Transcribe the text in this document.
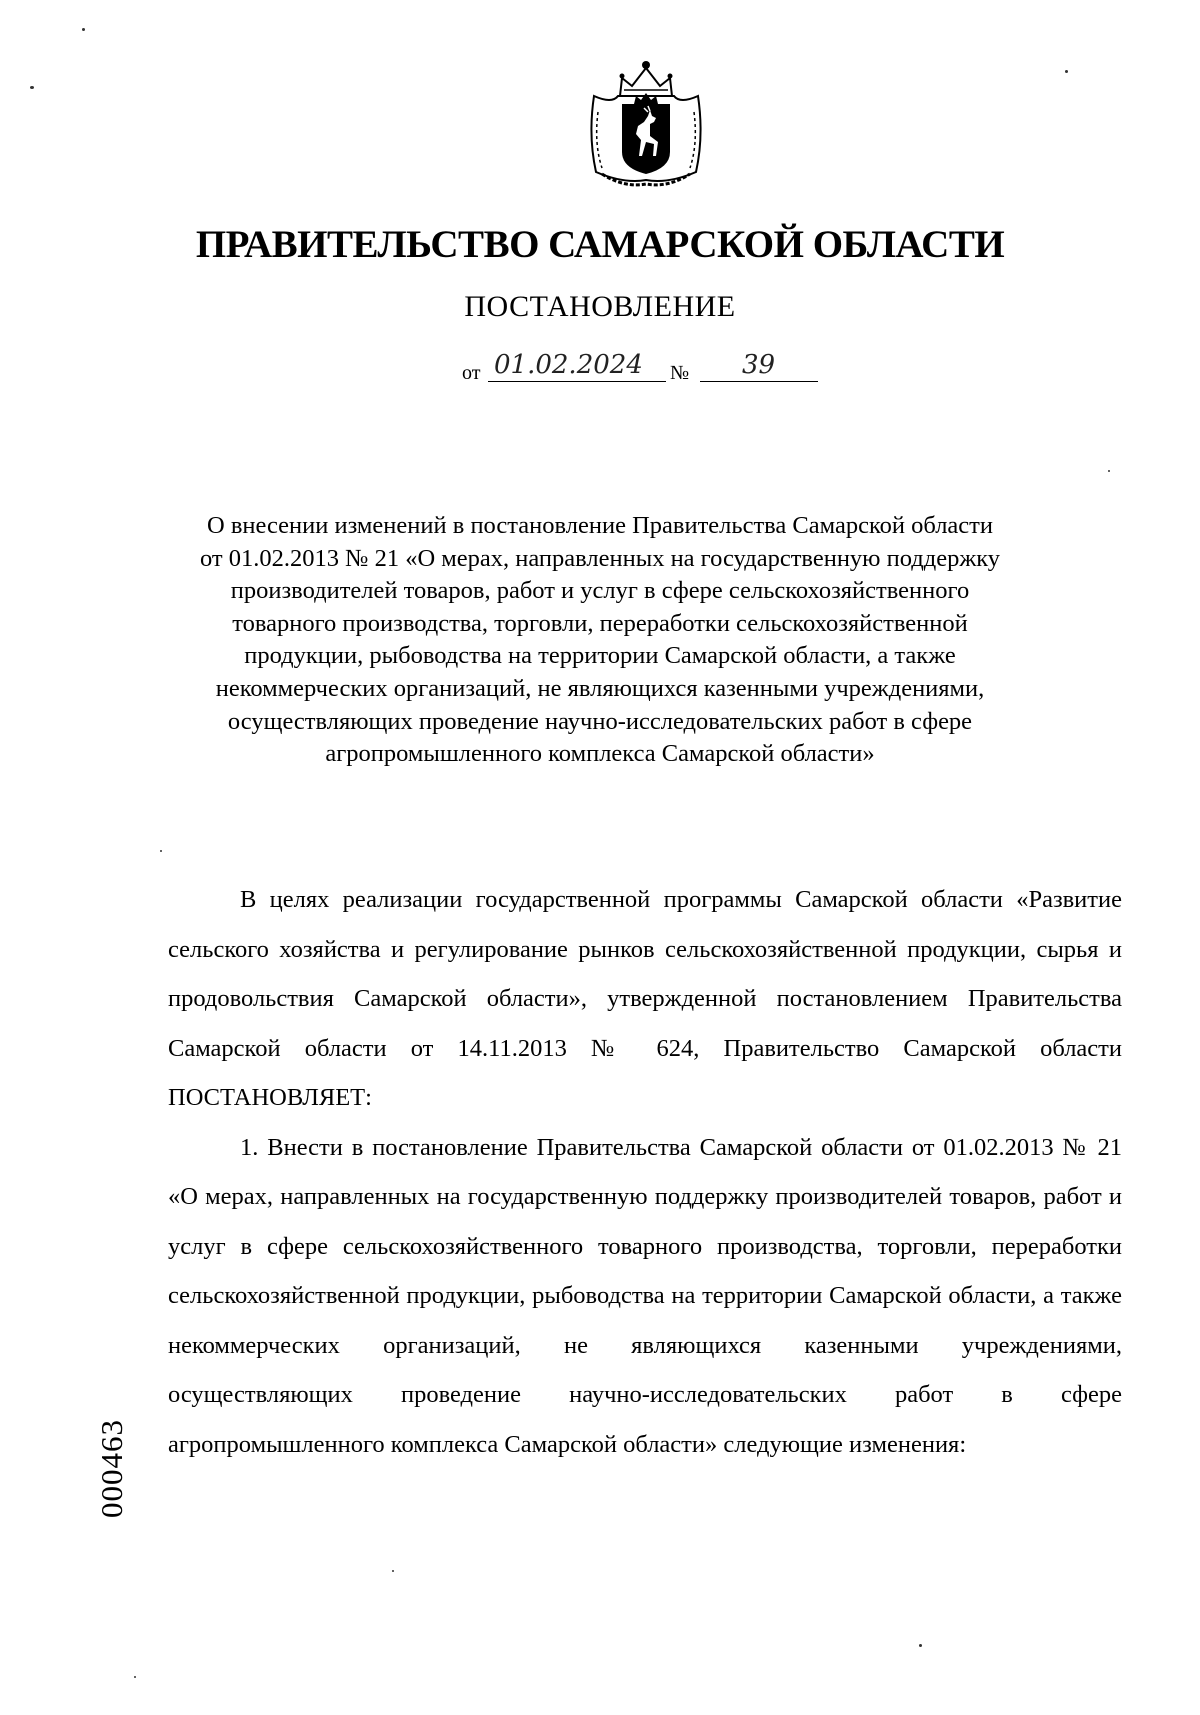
ПРАВИТЕЛЬСТВО САМАРСКОЙ ОБЛАСТИ
ПОСТАНОВЛЕНИЕ
от 01.02.2024 № 39
О внесении изменений в постановление Правительства Самарской области
от 01.02.2013 № 21 «О мерах, направленных на государственную поддержку
производителей товаров, работ и услуг в сфере сельскохозяйственного
товарного производства, торговли, переработки сельскохозяйственной
продукции, рыбоводства на территории Самарской области, а также
некоммерческих организаций, не являющихся казенными учреждениями,
осуществляющих проведение научно-исследовательских работ в сфере
агропромышленного комплекса Самарской области»

В целях реализации государственной программы Самарской области «Развитие сельского хозяйства и регулирование рынков сельскохозяйственной продукции, сырья и продовольствия Самарской области», утвержденной постановлением Правительства Самарской области от 14.11.2013 № 624, Правительство Самарской области ПОСТАНОВЛЯЕТ:

1. Внести в постановление Правительства Самарской области от 01.02.2013 № 21 «О мерах, направленных на государственную поддержку производителей товаров, работ и услуг в сфере сельскохозяйственного товарного производства, торговли, переработки сельскохозяйственной продукции, рыбоводства на территории Самарской области, а также некоммерческих организаций, не являющихся казенными учреждениями, осуществляющих проведение научно-исследовательских работ в сфере агропромышленного комплекса Самарской области» следующие изменения:

000463
